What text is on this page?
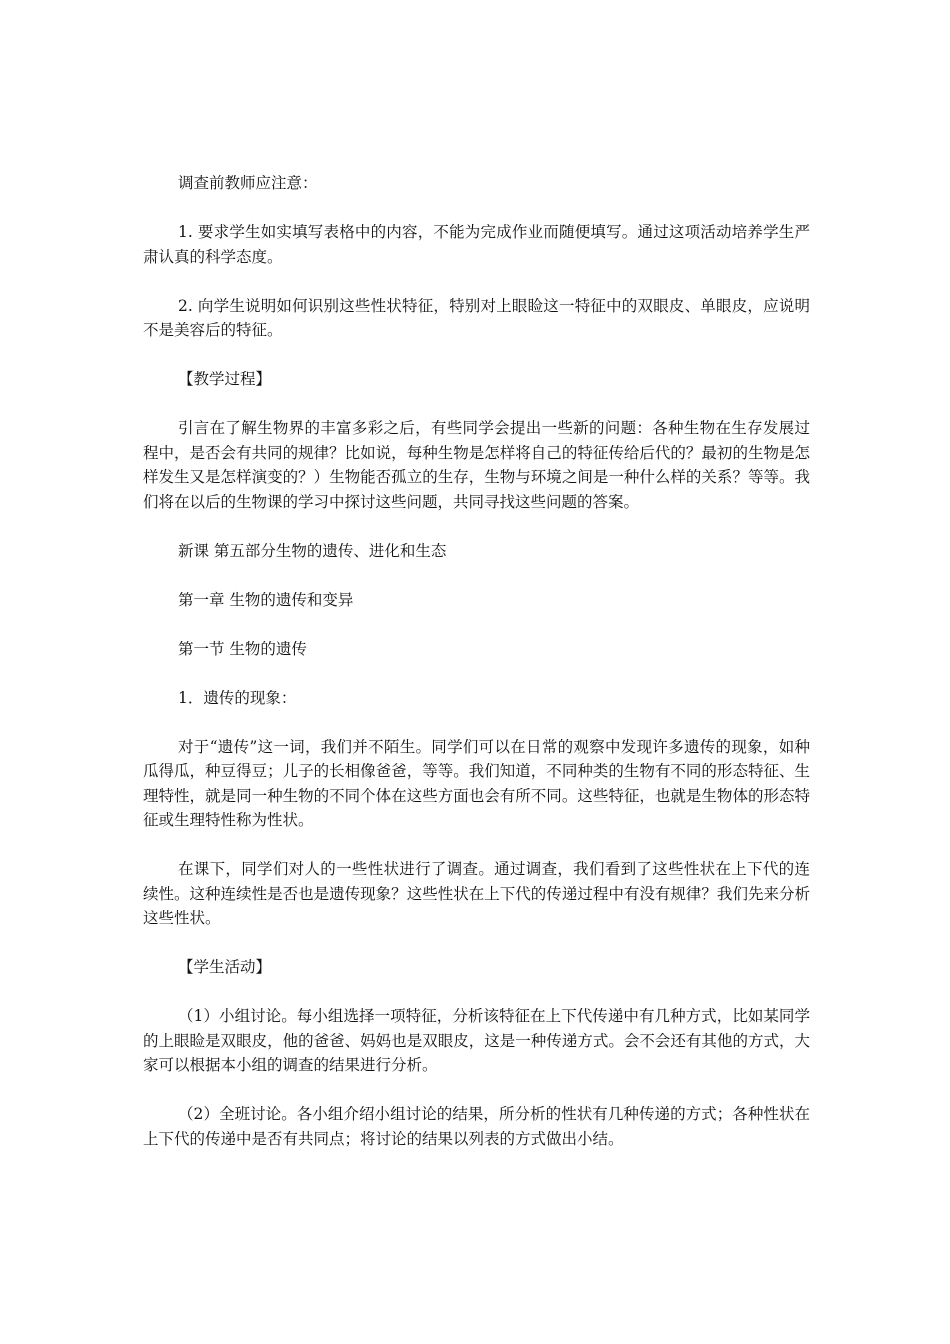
调查前教师应注意：

1. 要求学生如实填写表格中的内容，不能为完成作业而随便填写。通过这项活动培养学生严肃认真的科学态度。

2. 向学生说明如何识别这些性状特征，特别对上眼睑这一特征中的双眼皮、单眼皮，应说明不是美容后的特征。

【教学过程】

引言在了解生物界的丰富多彩之后，有些同学会提出一些新的问题：各种生物在生存发展过程中，是否会有共同的规律？比如说，每种生物是怎样将自己的特征传给后代的？最初的生物是怎样发生又是怎样演变的？）生物能否孤立的生存，生物与环境之间是一种什么样的关系？等等。我们将在以后的生物课的学习中探讨这些问题，共同寻找这些问题的答案。

新课 第五部分生物的遗传、进化和生态

第一章 生物的遗传和变异

第一节 生物的遗传

1．遗传的现象：

对于“遗传”这一词，我们并不陌生。同学们可以在日常的观察中发现许多遗传的现象，如种瓜得瓜，种豆得豆；儿子的长相像爸爸，等等。我们知道，不同种类的生物有不同的形态特征、生理特性，就是同一种生物的不同个体在这些方面也会有所不同。这些特征，也就是生物体的形态特征或生理特性称为性状。

在课下，同学们对人的一些性状进行了调查。通过调查，我们看到了这些性状在上下代的连续性。这种连续性是否也是遗传现象？这些性状在上下代的传递过程中有没有规律？我们先来分析这些性状。

【学生活动】

（1）小组讨论。每小组选择一项特征，分析该特征在上下代传递中有几种方式，比如某同学的上眼睑是双眼皮，他的爸爸、妈妈也是双眼皮，这是一种传递方式。会不会还有其他的方式，大家可以根据本小组的调查的结果进行分析。

（2）全班讨论。各小组介绍小组讨论的结果，所分析的性状有几种传递的方式；各种性状在上下代的传递中是否有共同点；将讨论的结果以列表的方式做出小结。
